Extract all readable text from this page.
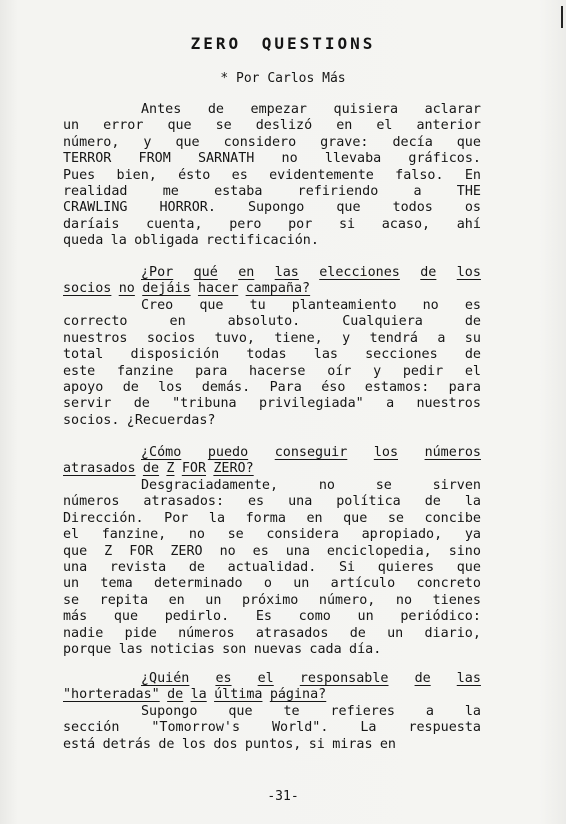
ZERO QUESTIONS
* Por Carlos Más
Antes de empezar quisiera aclarar
un error que se deslizó en el anterior
número, y que considero grave: decía que
TERROR FROM SARNATH no llevaba gráficos.
Pues bien, ésto es evidentemente falso. En
realidad	me	estaba	refiriendo	a	THE
CRAWLING HORROR. Supongo que todos os
daríais cuenta, pero por si acaso, ahí
queda la obligada rectificación.
¿Por qué en las elecciones de los
socios no dejáis hacer campaña?
Creo que tu planteamiento no es
correcto	en	absoluto.	Cualquiera	de
nuestros socios tuvo, tiene, y tendrá a su
total disposición todas las secciones de
este fanzine para hacerse oír y pedir el
apoyo de los demás. Para éso estamos: para
servir de "tribuna privilegiada" a nuestros
socios. ¿Recuerdas?
¿Cómo puedo conseguir los números
atrasados de Z FOR ZERO?
Desgraciadamente,	no	se	sirven
números atrasados: es una política de la
Dirección. Por la forma en que se concibe
el fanzine, no se considera apropiado, ya
que Z FOR ZERO no es una enciclopedia, sino
una revista de actualidad. Si quieres que
un tema determinado o un artículo concreto
se repita en un próximo número, no tienes
más que pedirlo. Es como un periódico:
nadie pide números atrasados de un diario,
porque las noticias son nuevas cada día.
¿Quién es el responsable de las
"horteradas" de la última página?
Supongo que te refieres a la
sección "Tomorrow's World". La respuesta
está detrás de los dos puntos, si miras en
-31-
